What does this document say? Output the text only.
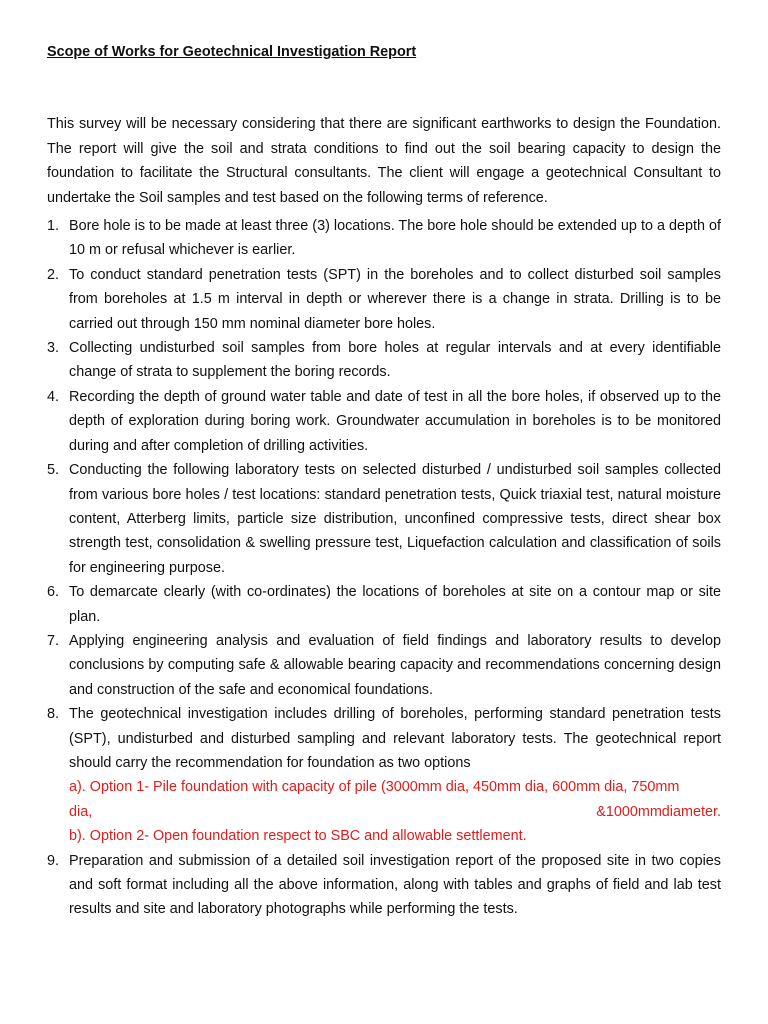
Scope of Works for Geotechnical Investigation Report

This survey will be necessary considering that there are significant earthworks to design the Foundation. The report will give the soil and strata conditions to find out the soil bearing capacity to design the foundation to facilitate the Structural consultants. The client will engage a geotechnical Consultant to undertake the Soil samples and test based on the following terms of reference.

1. Bore hole is to be made at least three (3) locations. The bore hole should be extended up to a depth of 10 m or refusal whichever is earlier.
2. To conduct standard penetration tests (SPT) in the boreholes and to collect disturbed soil samples from boreholes at 1.5 m interval in depth or wherever there is a change in strata. Drilling is to be carried out through 150 mm nominal diameter bore holes.
3. Collecting undisturbed soil samples from bore holes at regular intervals and at every identifiable change of strata to supplement the boring records.
4. Recording the depth of ground water table and date of test in all the bore holes, if observed up to the depth of exploration during boring work. Groundwater accumulation in boreholes is to be monitored during and after completion of drilling activities.
5. Conducting the following laboratory tests on selected disturbed / undisturbed soil samples collected from various bore holes / test locations: standard penetration tests, Quick triaxial test, natural moisture content, Atterberg limits, particle size distribution, unconfined compressive tests, direct shear box strength test, consolidation & swelling pressure test, Liquefaction calculation and classification of soils for engineering purpose.
6. To demarcate clearly (with co-ordinates) the locations of boreholes at site on a contour map or site plan.
7. Applying engineering analysis and evaluation of field findings and laboratory results to develop conclusions by computing safe & allowable bearing capacity and recommendations concerning design and construction of the safe and economical foundations.
8. The geotechnical investigation includes drilling of boreholes, performing standard penetration tests (SPT), undisturbed and disturbed sampling and relevant laboratory tests. The geotechnical report should carry the recommendation for foundation as two options
a). Option 1- Pile foundation with capacity of pile (3000mm dia, 450mm dia, 600mm dia, 750mm
dia,	&1000mmdiameter.
b). Option 2- Open foundation respect to SBC and allowable settlement.
9. Preparation and submission of a detailed soil investigation report of the proposed site in two copies and soft format including all the above information, along with tables and graphs of field and lab test results and site and laboratory photographs while performing the tests.
